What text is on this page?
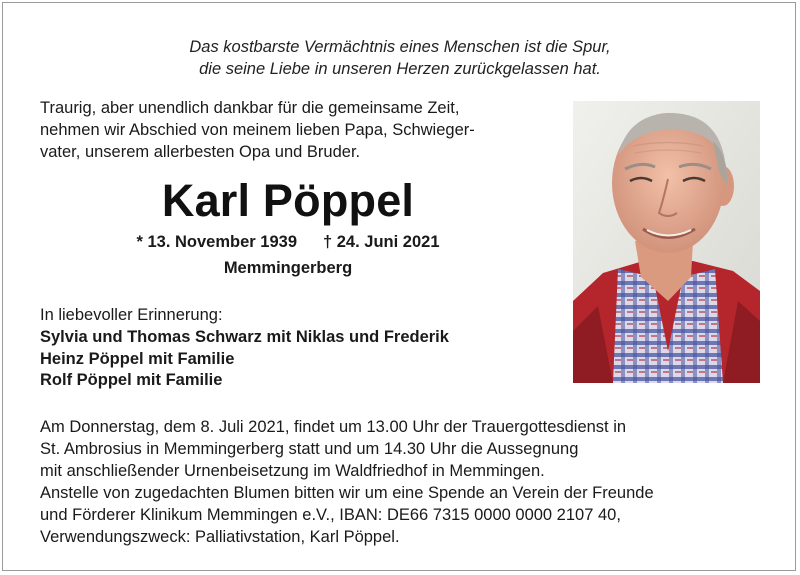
Das kostbarste Vermächtnis eines Menschen ist die Spur,
die seine Liebe in unseren Herzen zurückgelassen hat.
Traurig, aber unendlich dankbar für die gemeinsame Zeit,
nehmen wir Abschied von meinem lieben Papa, Schwieger-
vater, unserem allerbesten Opa und Bruder.
Karl Pöppel
* 13. November 1939 † 24. Juni 2021
Memmingerberg
In liebevoller Erinnerung:
Sylvia und Thomas Schwarz mit Niklas und Frederik
Heinz Pöppel mit Familie
Rolf Pöppel mit Familie
Am Donnerstag, dem 8. Juli 2021, findet um 13.00 Uhr der Trauergottesdienst in
St. Ambrosius in Memmingerberg statt und um 14.30 Uhr die Aussegnung
mit anschließender Urnenbeisetzung im Waldfriedhof in Memmingen.
Anstelle von zugedachten Blumen bitten wir um eine Spende an Verein der Freunde
und Förderer Klinikum Memmingen e.V., IBAN: DE66 7315 0000 0000 2107 40,
Verwendungszweck: Palliativstation, Karl Pöppel.
